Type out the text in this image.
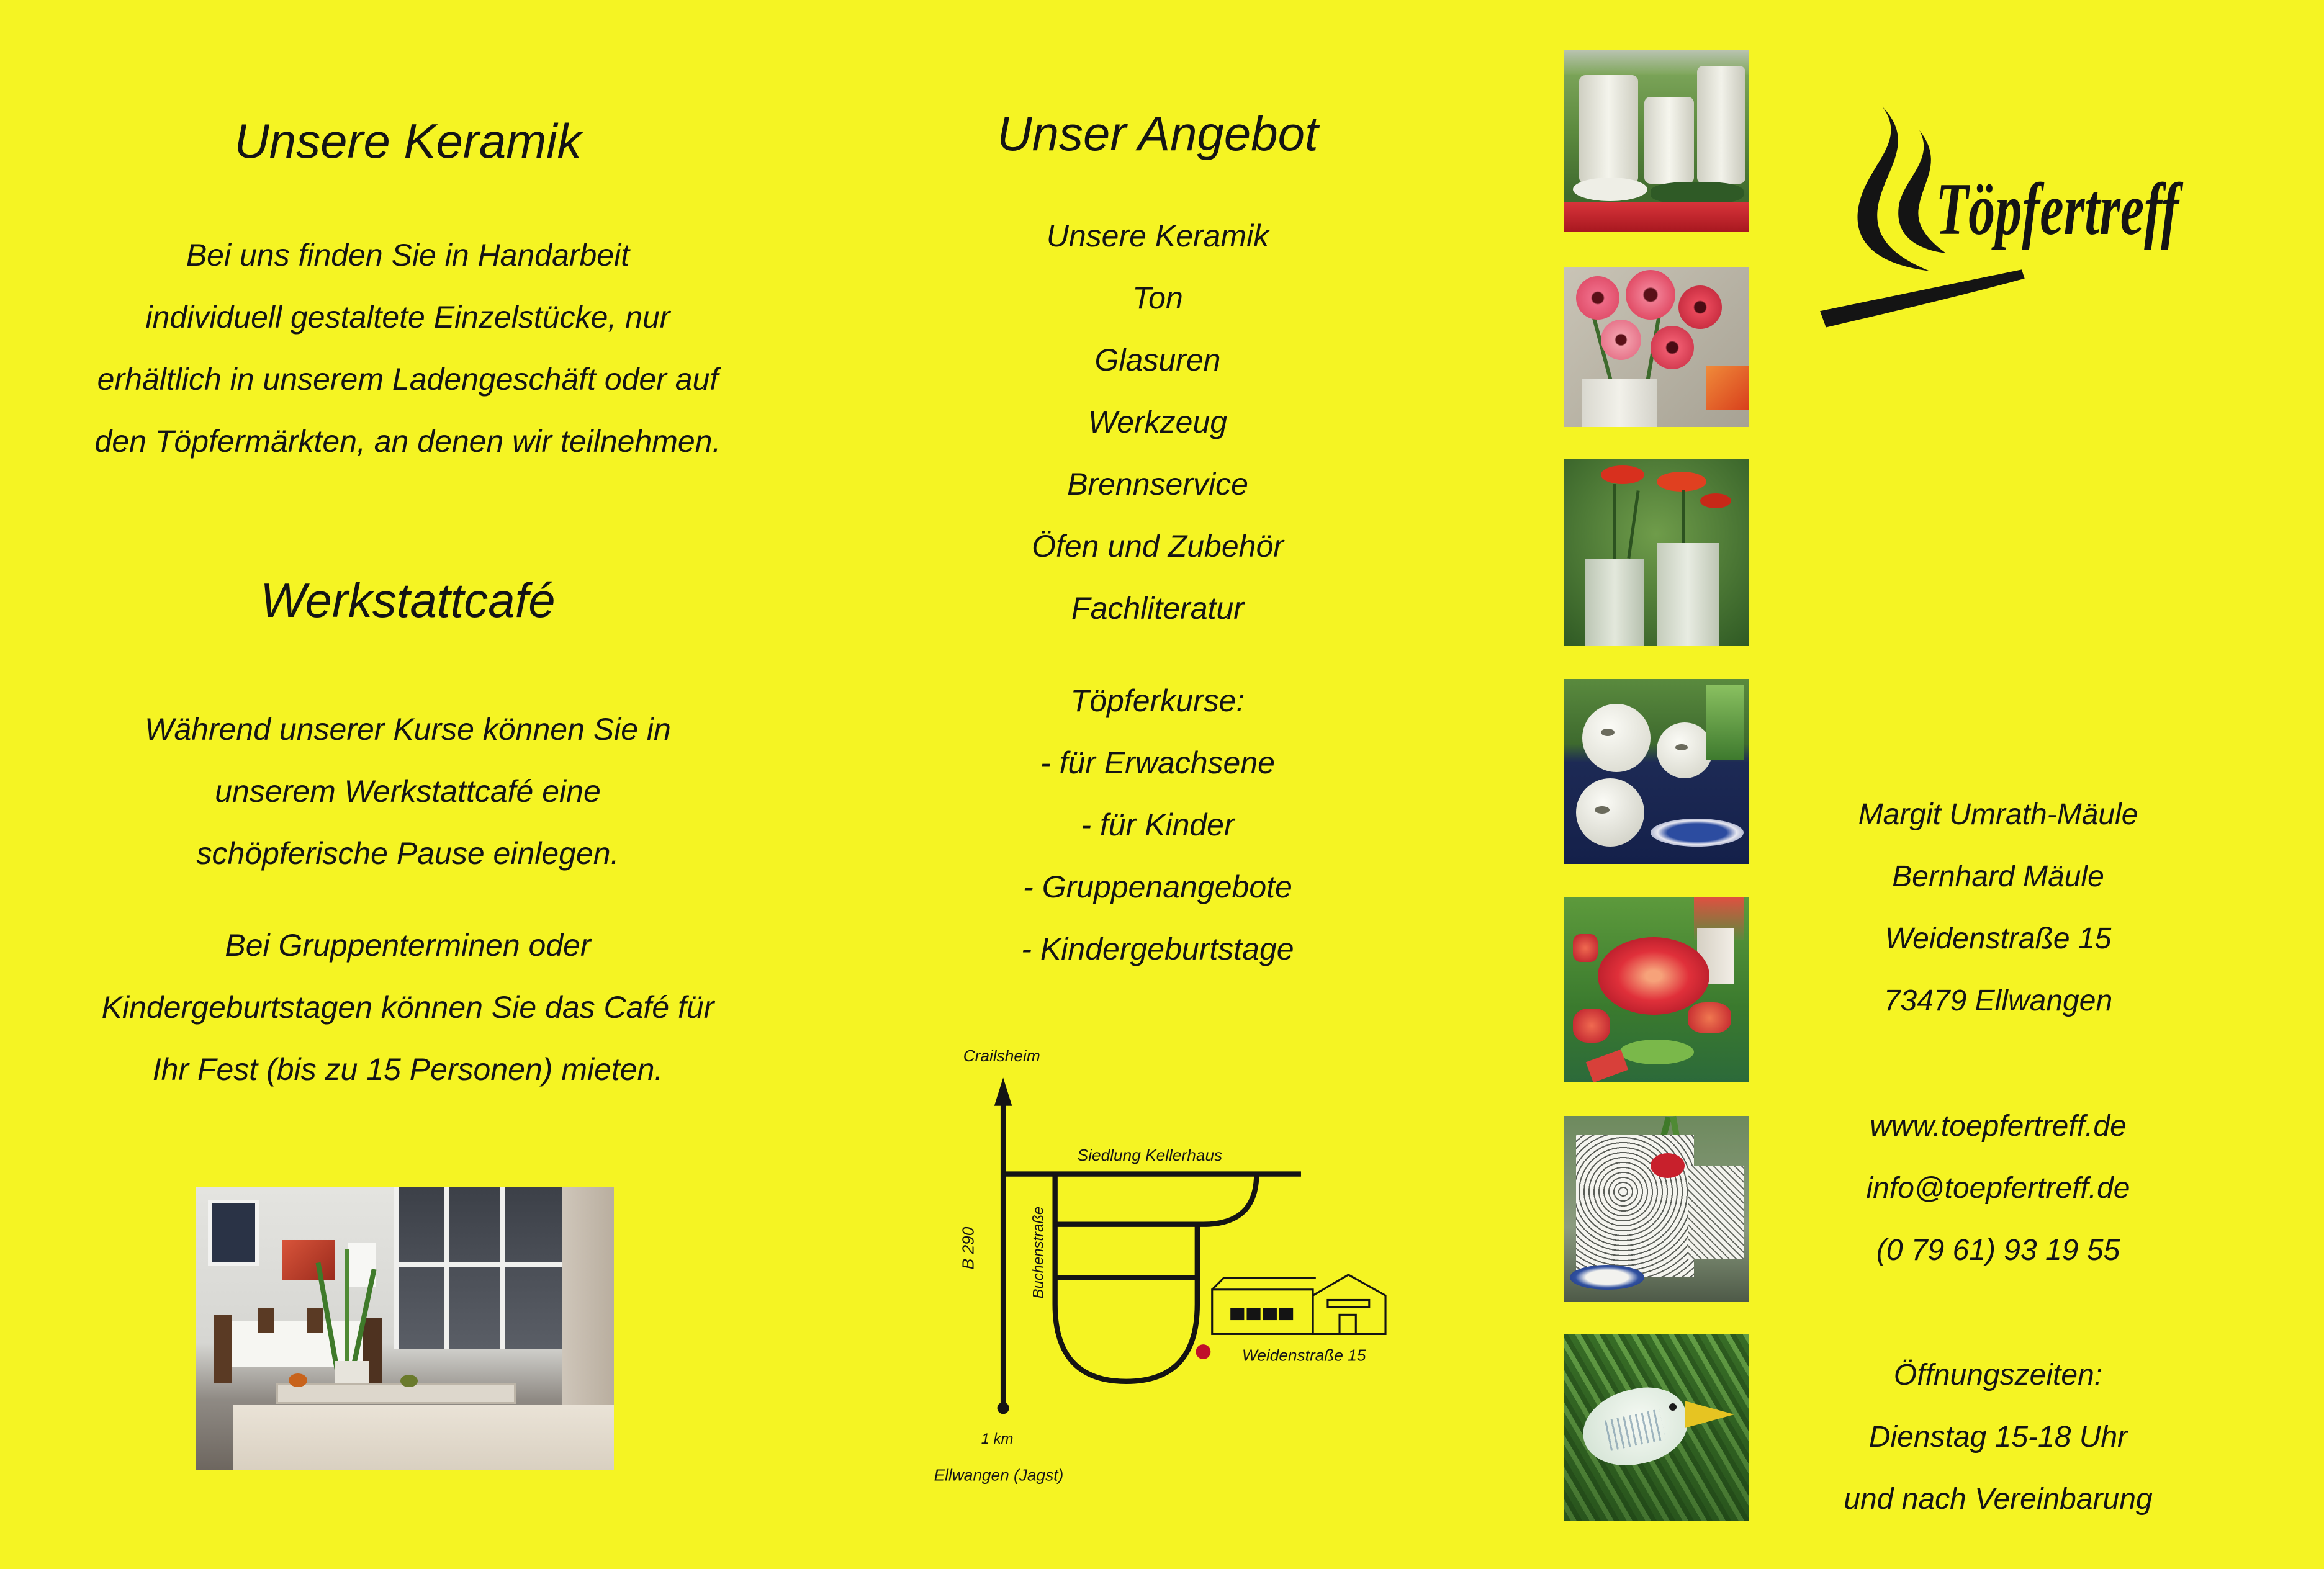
Unsere Keramik
Bei uns finden Sie in Handarbeit
individuell gestaltete Einzelstücke, nur
erhältlich in unserem Ladengeschäft oder auf
den Töpfermärkten, an denen wir teilnehmen.
Werkstattcafé
Während unserer Kurse können Sie in
unserem Werkstattcafé eine
schöpferische Pause einlegen.
Bei Gruppenterminen oder
Kindergeburtstagen können Sie das Café für
Ihr Fest (bis zu 15 Personen) mieten.
Unser Angebot
Unsere Keramik
Ton
Glasuren
Werkzeug
Brennservice
Öfen und Zubehör
Fachliteratur
Töpferkurse:
- für Erwachsene
- für Kinder
- Gruppenangebote
- Kindergeburtstage
Crailsheim
Siedlung Kellerhaus
B 290	Buchenstraße
Weidenstraße 15
1 km
Ellwangen (Jagst)
Töpfertreff
Margit Umrath-Mäule
Bernhard Mäule
Weidenstraße 15
73479 Ellwangen
www.toepfertreff.de
info@toepfertreff.de
(0 79 61) 93 19 55
Öffnungszeiten:
Dienstag 15-18 Uhr
und nach Vereinbarung
